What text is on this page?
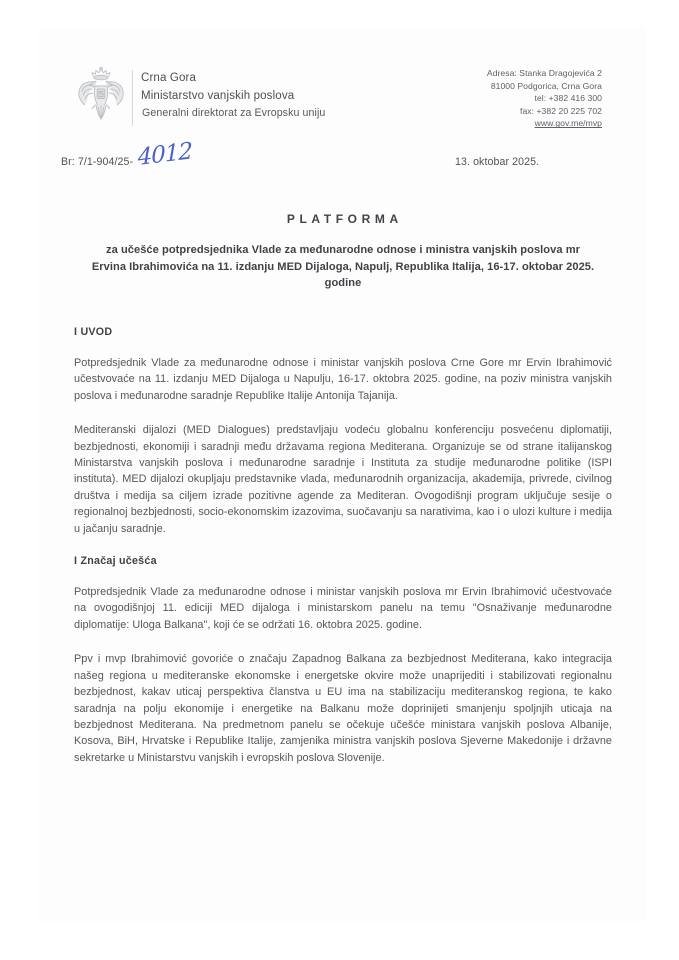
Crna Gora
Ministarstvo vanjskih poslova
Generalni direktorat za Evropsku uniju
Adresa: Stanka Dragojevića 2
81000 Podgorica, Crna Gora
tel: +382 416 300
fax: +382 20 225 702
www.gov.me/mvp
Br: 7/1-904/25- 4012	13. oktobar 2025.
PLATFORMA
za učešće potpredsjednika Vlade za međunarodne odnose i ministra vanjskih poslova mr Ervina Ibrahimovića na 11. izdanju MED Dijaloga, Napulj, Republika Italija, 16-17. oktobar 2025. godine
I UVOD

Potpredsjednik Vlade za međunarodne odnose i ministar vanjskih poslova Crne Gore mr Ervin Ibrahimović učestvovaće na 11. izdanju MED Dijaloga u Napulju, 16-17. oktobra 2025. godine, na poziv ministra vanjskih poslova i međunarodne saradnje Republike Italije Antonija Tajanija.

Mediteranski dijalozi (MED Dialogues) predstavljaju vodeću globalnu konferenciju posvećenu diplomatiji, bezbjednosti, ekonomiji i saradnji među državama regiona Mediterana. Organizuje se od strane italijanskog Ministarstva vanjskih poslova i međunarodne saradnje i Instituta za studije međunarodne politike (ISPI instituta). MED dijalozi okupljaju predstavnike vlada, međunarodnih organizacija, akademija, privrede, civilnog društva i medija sa ciljem izrade pozitivne agende za Mediteran. Ovogodišnji program uključuje sesije o regionalnoj bezbjednosti, socio-ekonomskim izazovima, suočavanju sa narativima, kao i o ulozi kulture i medija u jačanju saradnje.

I Značaj učešća

Potpredsjednik Vlade za međunarodne odnose i ministar vanjskih poslova mr Ervin Ibrahimović učestvovaće na ovogodišnjoj 11. ediciji MED dijaloga i ministarskom panelu na temu "Osnaživanje međunarodne diplomatije: Uloga Balkana", koji će se održati 16. oktobra 2025. godine.

Ppv i mvp Ibrahimović govoriće o značaju Zapadnog Balkana za bezbjednost Mediterana, kako integracija našeg regiona u mediteranske ekonomske i energetske okvire može unaprijediti i stabilizovati regionalnu bezbjednost, kakav uticaj perspektiva članstva u EU ima na stabilizaciju mediteranskog regiona, te kako saradnja na polju ekonomije i energetike na Balkanu može doprinijeti smanjenju spoljnjih uticaja na bezbjednost Mediterana. Na predmetnom panelu se očekuje učešće ministara vanjskih poslova Albanije, Kosova, BiH, Hrvatske i Republike Italije, zamjenika ministra vanjskih poslova Sjeverne Makedonije i državne sekretarke u Ministarstvu vanjskih i evropskih poslova Slovenije.
